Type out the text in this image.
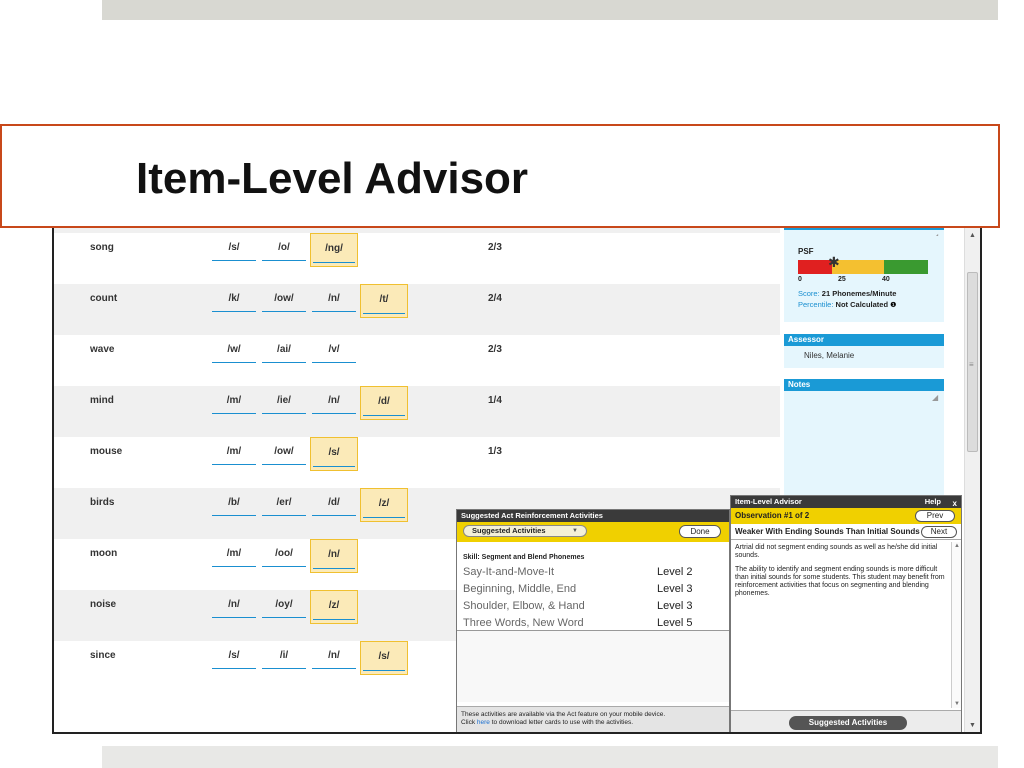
song	/s/	/o/	/ng/	2/3
count	/k/	/ow/	/n/	/t/	2/4
wave	/w/	/ai/	/v/	2/3
mind	/m/	/ie/	/n/	/d/	1/4
mouse	/m/	/ow/	/s/	1/3
birds	/b/	/er/	/d/	/z/
moon	/m/	/oo/	/n/
noise	/n/	/oy/	/z/
since	/s/	/i/	/n/	/s/
PSF
✱
0	25	40
Score: 21 Phonemes/Minute
Percentile: Not Calculated ❶
Assessor
Niles, Melanie
Notes
◢
Suggested Act Reinforcement Activities
Suggested Activities	▼	Done
Skill: Segment and Blend Phonemes
Say-It-and-Move-It	Level 2
Beginning, Middle, End	Level 3
Shoulder, Elbow, & Hand	Level 3
Three Words, New Word	Level 5
These activities are available via the Act feature on your mobile device.
Click here to download letter cards to use with the activities.
Item-Level Advisor	Help x
Observation #1 of 2	Prev
Weaker With Ending Sounds Than Initial Sounds	Next

Artrial did not segment ending sounds as well as he/she did initial sounds.

The ability to identify and segment ending sounds is more difficult than initial sounds for some students. This student may benefit from reinforcement activities that focus on segmenting and blending phonemes.

▲
▼
Suggested Activities
▲
≡
▼
Item-Level Advisor
